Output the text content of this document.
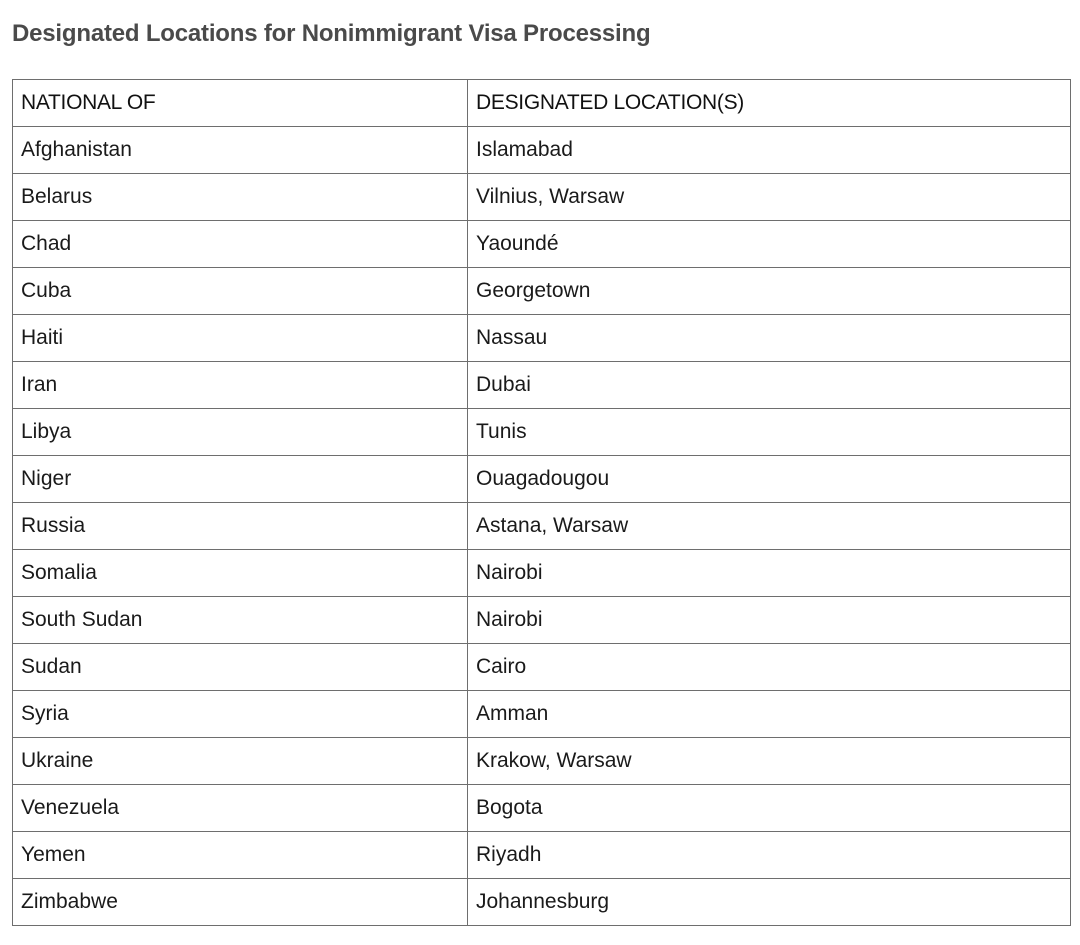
Designated Locations for Nonimmigrant Visa Processing
NATIONAL OF	DESIGNATED LOCATION(S)
Afghanistan	Islamabad
Belarus	Vilnius, Warsaw
Chad	Yaoundé
Cuba	Georgetown
Haiti	Nassau
Iran	Dubai
Libya	Tunis
Niger	Ouagadougou
Russia	Astana, Warsaw
Somalia	Nairobi
South Sudan	Nairobi
Sudan	Cairo
Syria	Amman
Ukraine	Krakow, Warsaw
Venezuela	Bogota
Yemen	Riyadh
Zimbabwe	Johannesburg
